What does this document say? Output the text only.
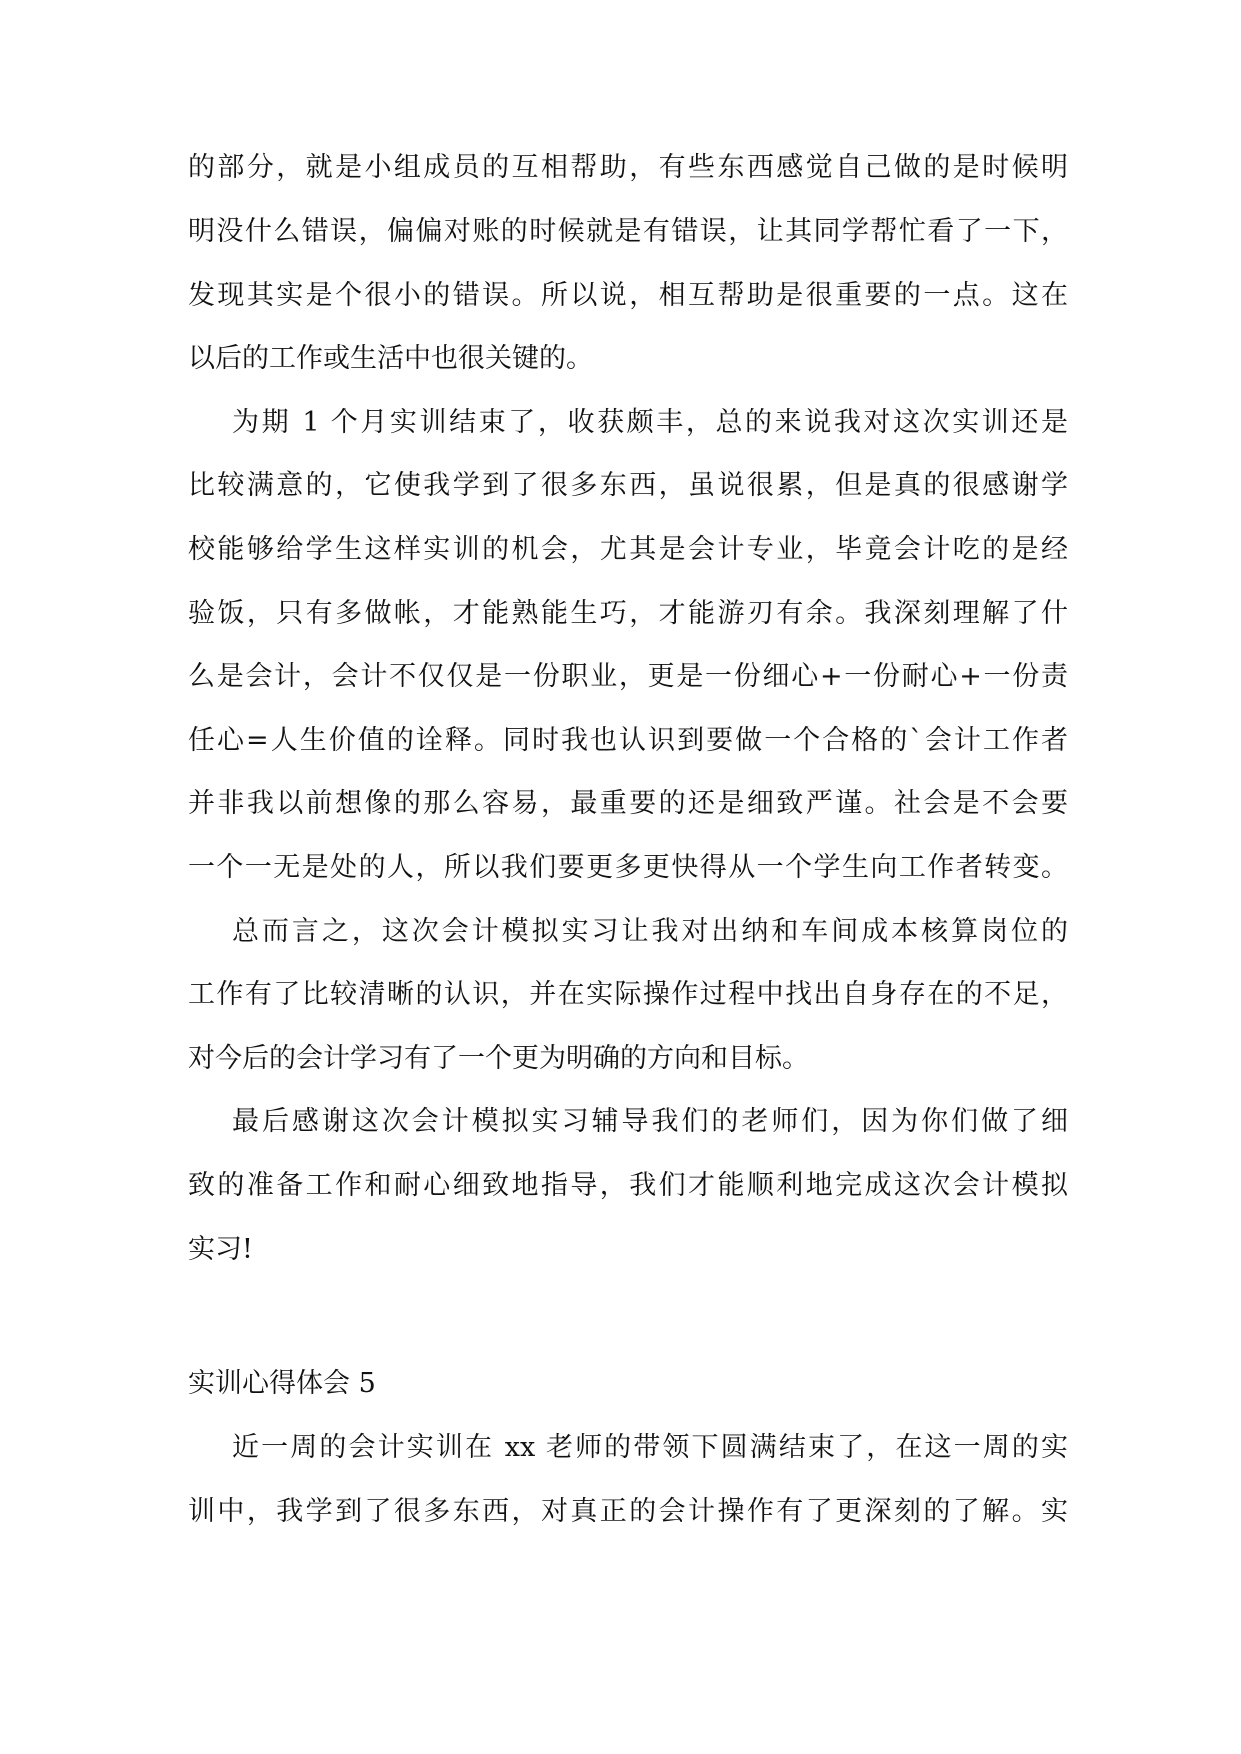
的部分，就是小组成员的互相帮助，有些东西感觉自己做的是时候明
明没什么错误，偏偏对账的时候就是有错误，让其同学帮忙看了一下，
发现其实是个很小的错误。所以说，相互帮助是很重要的一点。这在
以后的工作或生活中也很关键的。
为期 1 个月实训结束了，收获颇丰，总的来说我对这次实训还是
比较满意的，它使我学到了很多东西，虽说很累，但是真的很感谢学
校能够给学生这样实训的机会，尤其是会计专业，毕竟会计吃的是经
验饭，只有多做帐，才能熟能生巧，才能游刃有余。我深刻理解了什
么是会计，会计不仅仅是一份职业，更是一份细心+一份耐心+一份责
任心=人生价值的诠释。同时我也认识到要做一个合格的`会计工作者
并非我以前想像的那么容易，最重要的还是细致严谨。社会是不会要
一个一无是处的人，所以我们要更多更快得从一个学生向工作者转变。
总而言之，这次会计模拟实习让我对出纳和车间成本核算岗位的
工作有了比较清晰的认识，并在实际操作过程中找出自身存在的不足，
对今后的会计学习有了一个更为明确的方向和目标。
最后感谢这次会计模拟实习辅导我们的老师们，因为你们做了细
致的准备工作和耐心细致地指导，我们才能顺利地完成这次会计模拟
实习!
实训心得体会 5
近一周的会计实训在 xx 老师的带领下圆满结束了，在这一周的实
训中，我学到了很多东西，对真正的会计操作有了更深刻的了解。实
